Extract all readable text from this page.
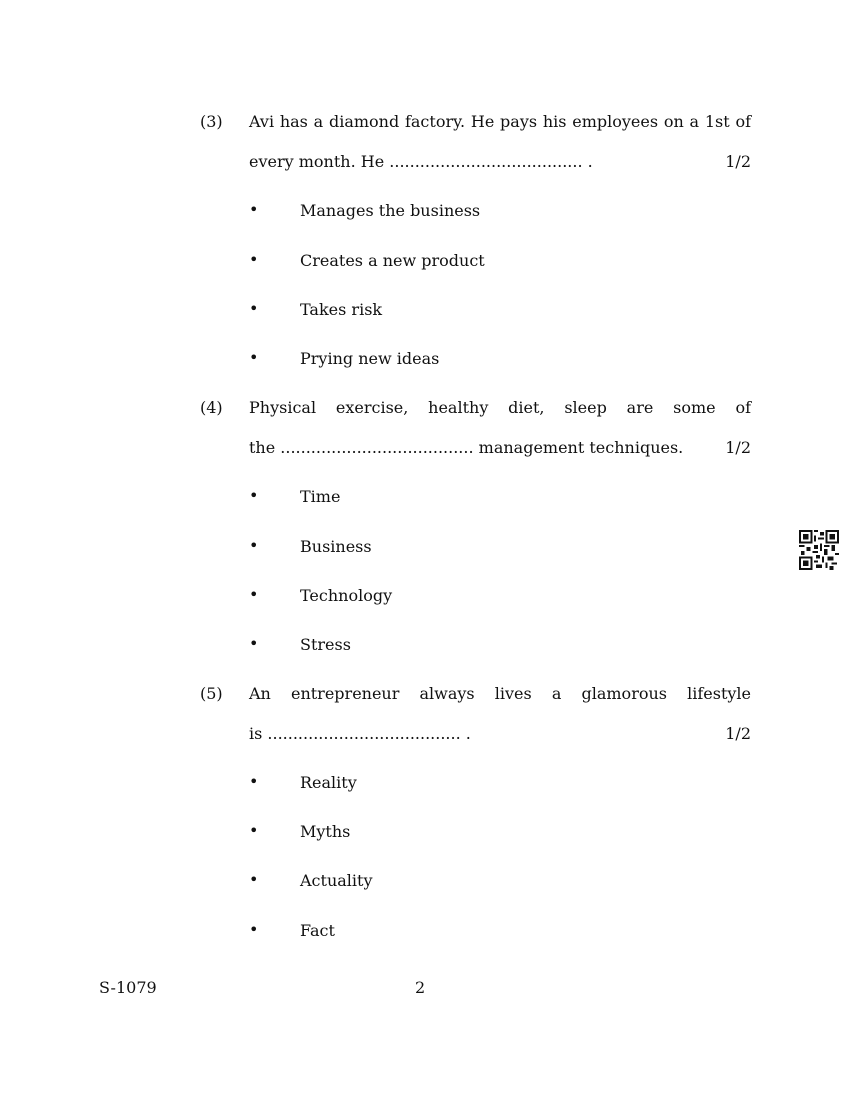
(3) Avi has a diamond factory. He pays his employees on a 1st of
every month. He ...................................... .	1/2
•	Manages the business
•	Creates a new product
•	Takes risk
•	Prying new ideas
(4) Physical exercise, healthy diet, sleep are some of
the ...................................... management techniques.	1/2
•	Time
•	Business
•	Technology
•	Stress
(5) An entrepreneur always lives a glamorous lifestyle
is ...................................... .	1/2
•	Reality
•	Myths
•	Actuality
•	Fact
S-1079	2
